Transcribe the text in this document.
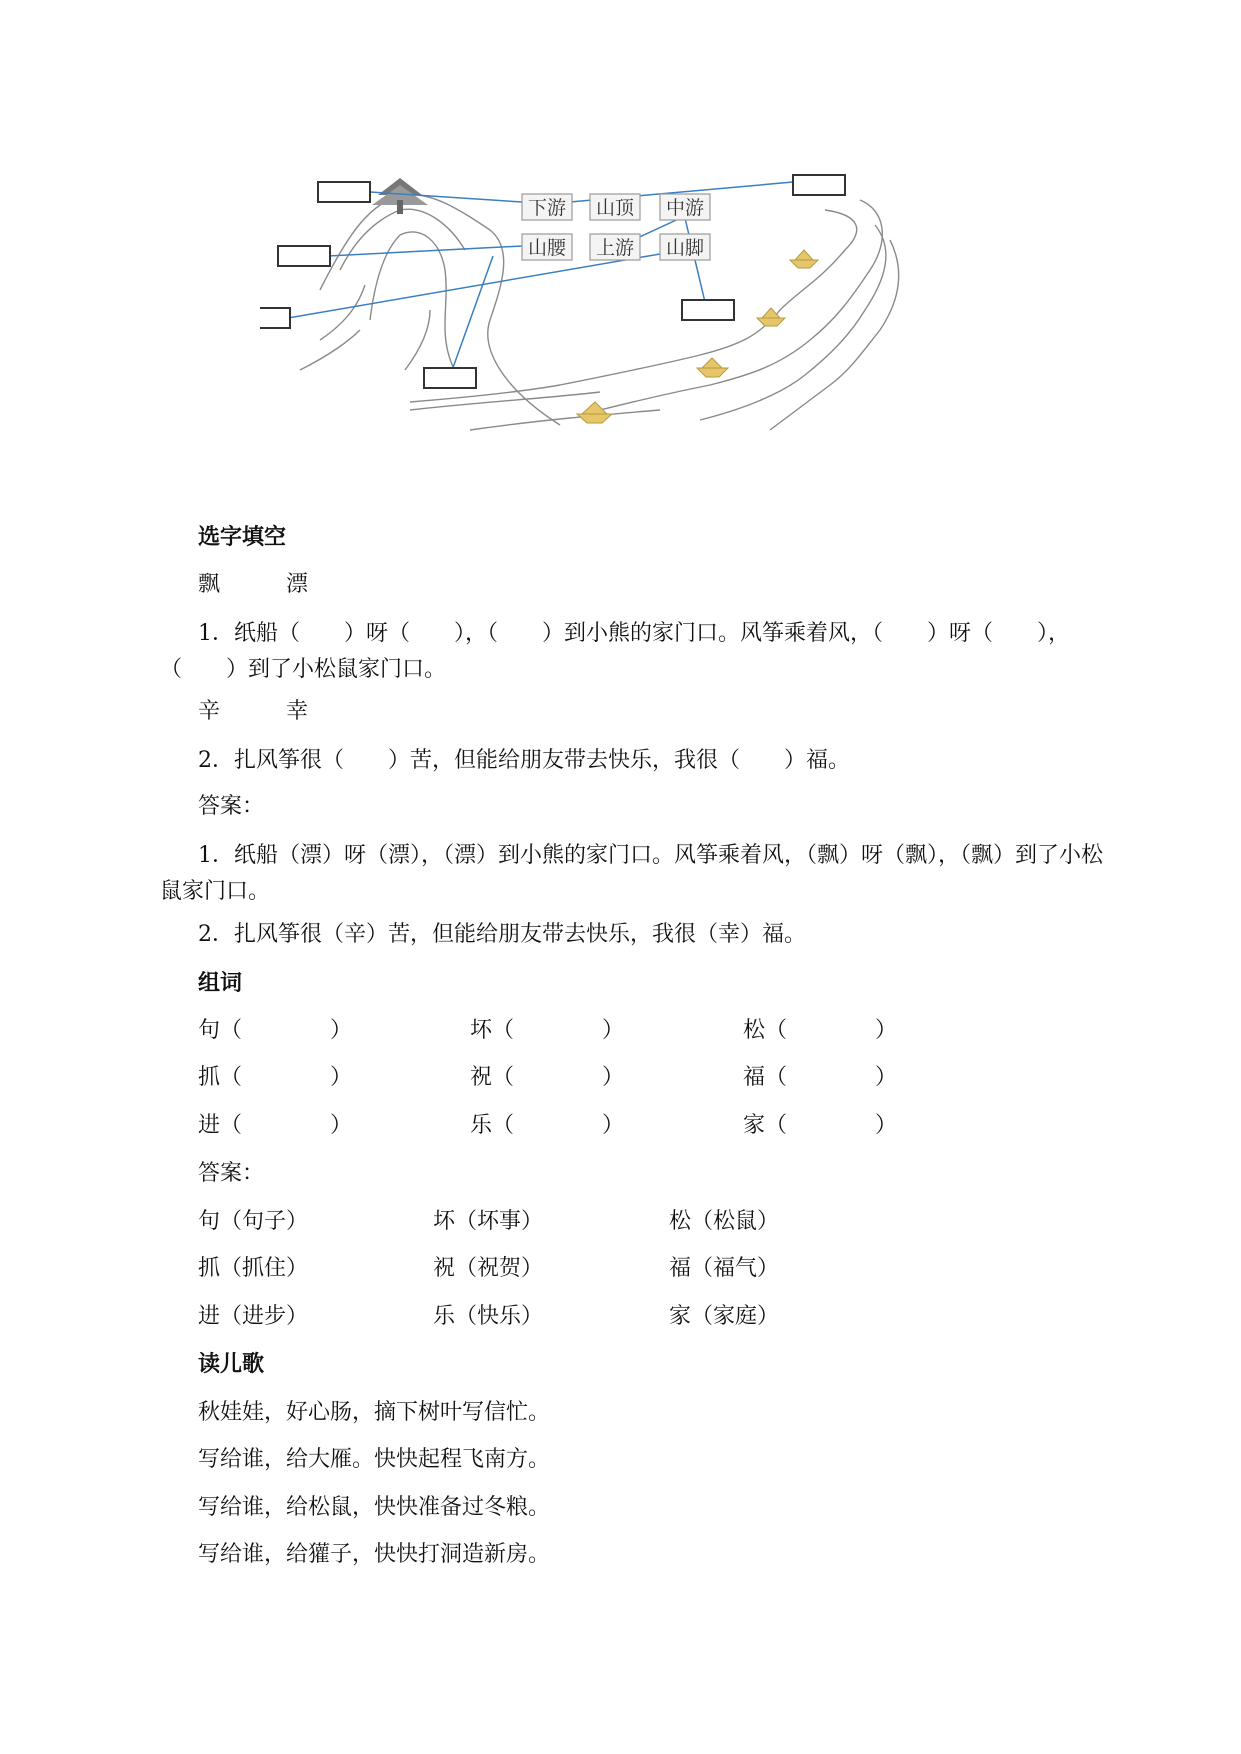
下游 山顶 中游
山腰 上游 山脚
选字填空
飘	漂
1．纸船（　　）呀（　　），（　　）到小熊的家门口。风筝乘着风，（　　）呀（　　），（　　）到了小松鼠家门口。
辛	幸
2．扎风筝很（　　）苦，但能给朋友带去快乐，我很（　　）福。
答案：
1．纸船（漂）呀（漂），（漂）到小熊的家门口。风筝乘着风，（飘）呀（飘），（飘）到了小松鼠家门口。
2．扎风筝很（辛）苦，但能给朋友带去快乐，我很（幸）福。
组词
句（　　　　）	坏（　　　　）	松（　　　　）
抓（　　　　）	祝（　　　　）	福（　　　　）
进（　　　　）	乐（　　　　）	家（　　　　）
答案：
句（句子）	坏（坏事）	松（松鼠）
抓（抓住）	祝（祝贺）	福（福气）
进（进步）	乐（快乐）	家（家庭）
读儿歌
秋娃娃，好心肠，摘下树叶写信忙。
写给谁，给大雁。快快起程飞南方。
写给谁，给松鼠，快快准备过冬粮。
写给谁，给獾子，快快打洞造新房。
